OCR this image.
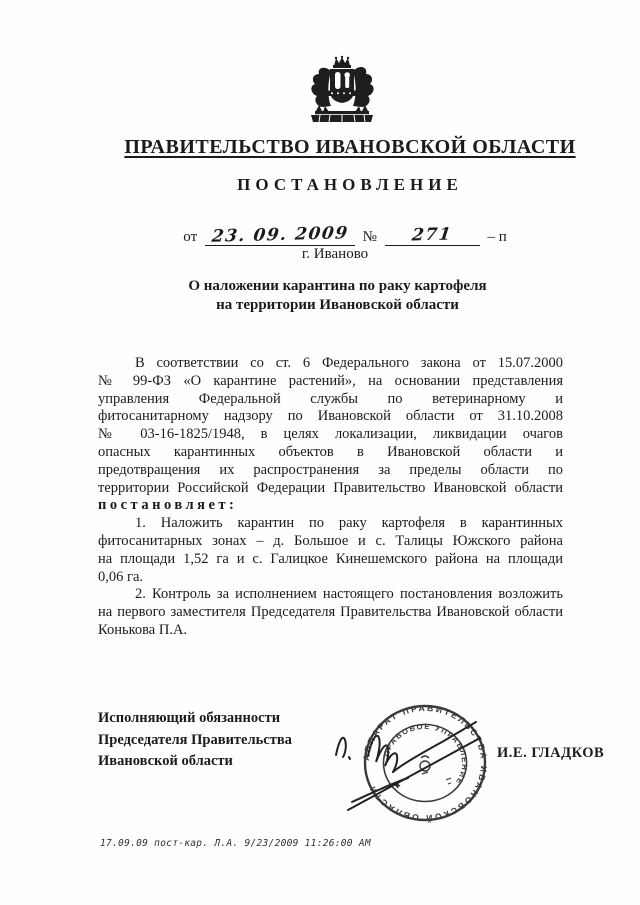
ПРАВИТЕЛЬСТВО ИВАНОВСКОЙ ОБЛАСТИ
ПОСТАНОВЛЕНИЕ
от 23. 09. 2009 № 271 – п
г. Иваново
О наложении карантина по раку картофеля
на территории Ивановской области
В соответствии со ст. 6 Федерального закона от 15.07.2000
№ 99-ФЗ «О карантине растений», на основании представления
управления Федеральной службы по ветеринарному и
фитосанитарному надзору по Ивановской области от 31.10.2008
№ 03-16-1825/1948, в целях локализации, ликвидации очагов
опасных карантинных объектов в Ивановской области и
предотвращения их распространения за пределы области по
территории Российской Федерации Правительство Ивановской области
постановляет:
1. Наложить карантин по раку картофеля в карантинных
фитосанитарных зонах – д. Большое и с. Талицы Южского района
на площади 1,52 га и с. Галицкое Кинешемского района на площади
0,06 га.
2. Контроль за исполнением настоящего постановления возложить
на первого заместителя Председателя Правительства Ивановской области
Конькова П.А.
Исполняющий обязанности
Председателя Правительства
Ивановской области	АППАРАТ ПРАВИТЕЛЬСТВА ИВАНОВСКОЙ ОБЛАСТИ
ПРАВОВОЕ УПРАВЛЕНИЕ
И.Е. ГЛАДКОВ
17.09.09 пост-кар. Л.А. 9/23/2009 11:26:00 AM
